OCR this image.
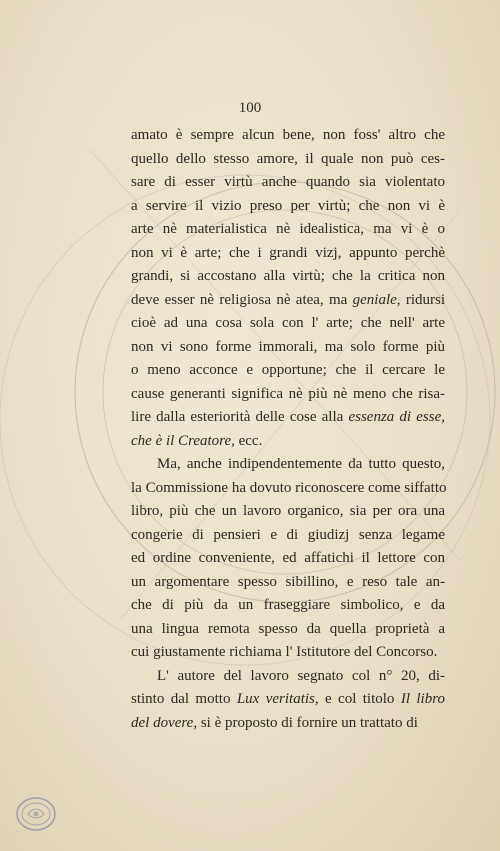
100
amato è sempre alcun bene, non foss' altro che
quello dello stesso amore, il quale non può ces-
sare di esser virtù anche quando sia violentato
a servire il vizio preso per virtù; che non vi è
arte nè materialistica nè idealistica, ma vi è o
non vi è arte; che i grandi vizj, appunto perchè
grandi, si accostano alla virtù; che la critica non
deve esser nè religiosa nè atea, ma geniale, ridursi
cioè ad una cosa sola con l' arte; che nell' arte
non vi sono forme immorali, ma solo forme più
o meno acconce e opportune; che il cercare le
cause generanti significa nè più nè meno che risa-
lire dalla esteriorità delle cose alla essenza di esse,
che è il Creatore, ecc.
Ma, anche indipendentemente da tutto questo,
la Commissione ha dovuto riconoscere come siffatto
libro, più che un lavoro organico, sia per ora una
congerie di pensieri e di giudizj senza legame
ed ordine conveniente, ed affatichi il lettore con
un argomentare spesso sibillino, e reso tale an-
che di più da un fraseggiare simbolico, e da
una lingua remota spesso da quella proprietà a
cui giustamente richiama l' Istitutore del Concorso.
L' autore del lavoro segnato col n° 20, di-
stinto dal motto Lux veritatis, e col titolo Il libro
del dovere, si è proposto di fornire un trattato di
